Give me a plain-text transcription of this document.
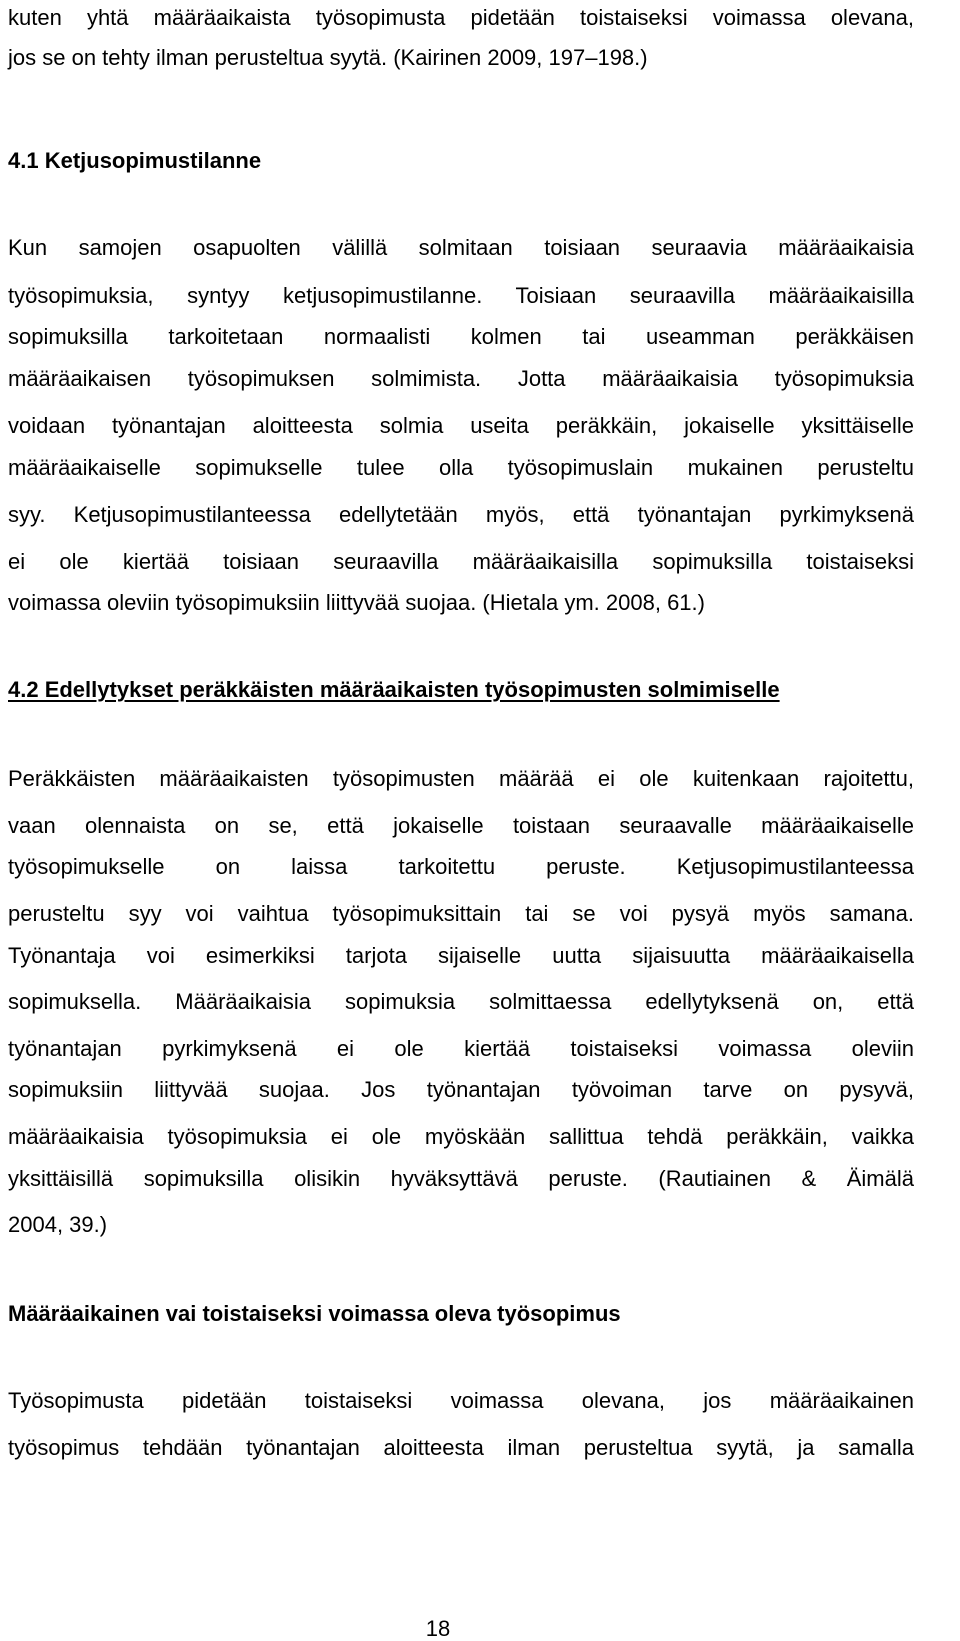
kuten yhtä määräaikaista työsopimusta pidetään toistaiseksi voimassa olevana,
jos se on tehty ilman perusteltua syytä. (Kairinen 2009, 197–198.)
4.1 Ketjusopimustilanne
Kun samojen osapuolten välillä solmitaan toisiaan seuraavia määräaikaisia
työsopimuksia, syntyy ketjusopimustilanne. Toisiaan seuraavilla määräaikaisilla
sopimuksilla tarkoitetaan normaalisti kolmen tai useamman peräkkäisen
määräaikaisen työsopimuksen solmimista. Jotta määräaikaisia työsopimuksia
voidaan työnantajan aloitteesta solmia useita peräkkäin, jokaiselle yksittäiselle
määräaikaiselle sopimukselle tulee olla työsopimuslain mukainen perusteltu
syy. Ketjusopimustilanteessa edellytetään myös, että työnantajan pyrkimyksenä
ei ole kiertää toisiaan seuraavilla määräaikaisilla sopimuksilla toistaiseksi
voimassa oleviin työsopimuksiin liittyvää suojaa. (Hietala ym. 2008, 61.)
4.2 Edellytykset peräkkäisten määräaikaisten työsopimusten solmimiselle
Peräkkäisten määräaikaisten työsopimusten määrää ei ole kuitenkaan rajoitettu,
vaan olennaista on se, että jokaiselle toistaan seuraavalle määräaikaiselle
työsopimukselle on laissa tarkoitettu peruste. Ketjusopimustilanteessa
perusteltu syy voi vaihtua työsopimuksittain tai se voi pysyä myös samana.
Työnantaja voi esimerkiksi tarjota sijaiselle uutta sijaisuutta määräaikaisella
sopimuksella. Määräaikaisia sopimuksia solmittaessa edellytyksenä on, että
työnantajan pyrkimyksenä ei ole kiertää toistaiseksi voimassa oleviin
sopimuksiin liittyvää suojaa. Jos työnantajan työvoiman tarve on pysyvä,
määräaikaisia työsopimuksia ei ole myöskään sallittua tehdä peräkkäin, vaikka
yksittäisillä sopimuksilla olisikin hyväksyttävä peruste. (Rautiainen & Äimälä
2004, 39.)
Määräaikainen vai toistaiseksi voimassa oleva työsopimus
Työsopimusta pidetään toistaiseksi voimassa olevana, jos määräaikainen
työsopimus tehdään työnantajan aloitteesta ilman perusteltua syytä, ja samalla
18
